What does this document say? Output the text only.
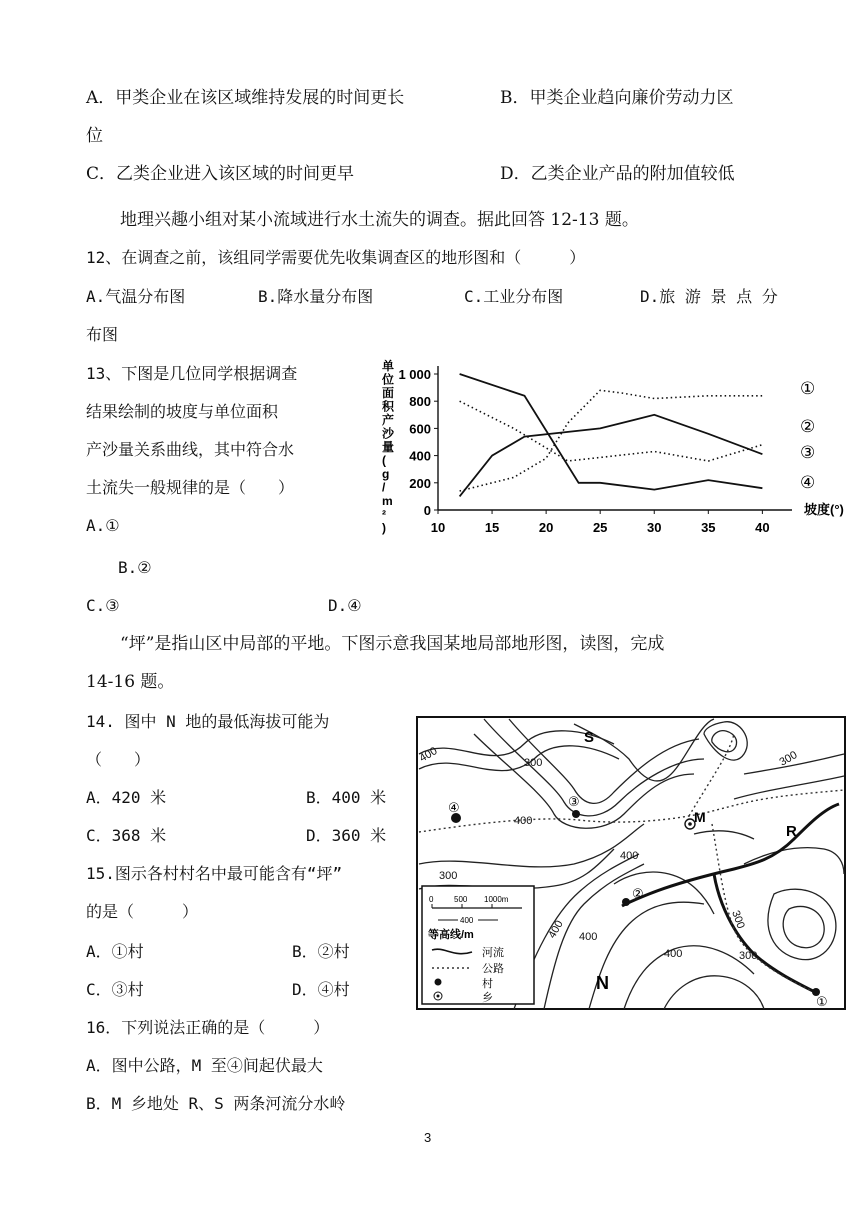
A．甲类企业在该区域维持发展的时间更长	B．甲类企业趋向廉价劳动力区
位
C．乙类企业进入该区域的时间更早	D．乙类企业产品的附加值较低
地理兴趣小组对某小流域进行水土流失的调查。据此回答 12-13 题。
12、在调查之前，该组同学需要优先收集调查区的地形图和（　　　）
A.气温分布图	B.降水量分布图	C.工业分布图	D.旅 游 景 点 分
布图
13、下图是几位同学根据调查
结果绘制的坡度与单位面积
产沙量关系曲线，其中符合水
土流失一般规律的是（　　）
A.①
B.②
C.③	D.④
单位面积产沙量( g / m ² )
0
200
400
600
800
1 000
10	15	20	25	30	35	40
坡度(°)
①
②
③
④
“坪”是指山区中局部的平地。下图示意我国某地局部地形图，读图，完成
14-16 题。
14. 图中 N 地的最低海拔可能为
（　　）
A．420 米	B．400 米
C．368 米	D．360 米
15.图示各村村名中最可能含有“坪”
的是（　　　）
A．①村	B．②村
C．③村	D．④村
16．下列说法正确的是（　　　）
A．图中公路，M 至④间起伏最大
B．M 乡地处 R、S 两条河流分水岭
3
S
R
N
M
400	300	300
400
400
300
300
400
400
400
300
④	③
②
①
0	500 1000m
400
等高线/m
河流
公路
村
乡
